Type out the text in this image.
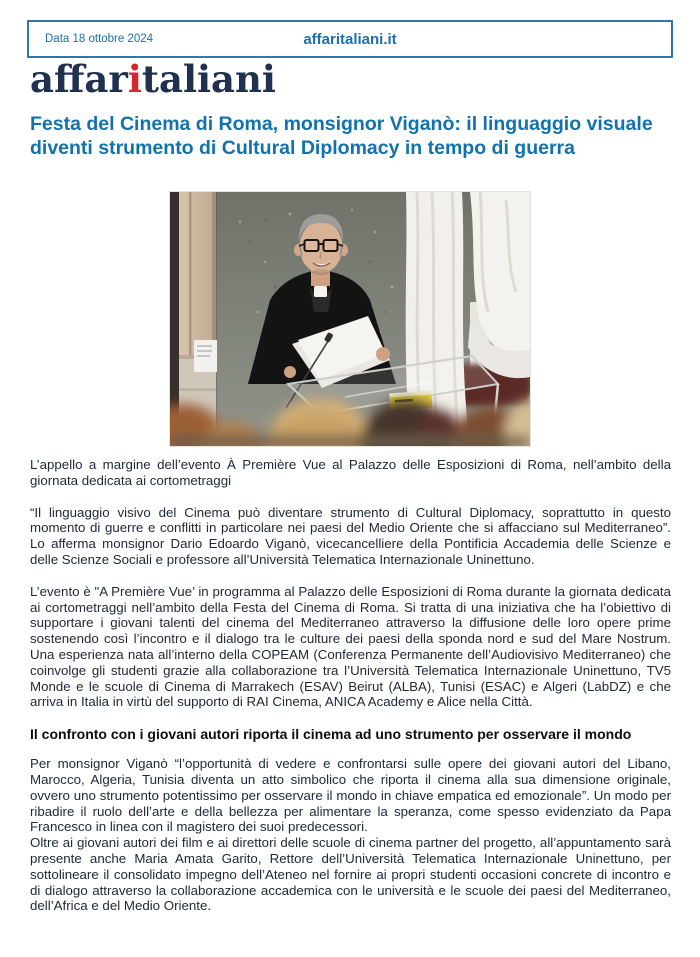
Data 18 ottobre 2024	affaritaliani.it
affaritaliani
Festa del Cinema di Roma, monsignor Viganò: il linguaggio visuale diventi strumento di Cultural Diplomacy in tempo di guerra

L’appello a margine dell’evento À Première Vue al Palazzo delle Esposizioni di Roma, nell’ambito della giornata dedicata ai cortometraggi

“Il linguaggio visivo del Cinema può diventare strumento di Cultural Diplomacy, soprattutto in questo momento di guerre e conflitti in particolare nei paesi del Medio Oriente che si affacciano sul Mediterraneo”. Lo afferma monsignor Dario Edoardo Viganò, vicecancelliere della Pontificia Accademia delle Scienze e delle Scienze Sociali e professore all’Università Telematica Internazionale Uninettuno.

L’evento è "A Première Vue’ in programma al Palazzo delle Esposizioni di Roma durante la giornata dedicata ai cortometraggi nell’ambito della Festa del Cinema di Roma. Si tratta di una iniziativa che ha l’obiettivo di supportare i giovani talenti del cinema del Mediterraneo attraverso la diffusione delle loro opere prime sostenendo così l’incontro e il dialogo tra le culture dei paesi della sponda nord e sud del Mare Nostrum. Una esperienza nata all’interno della COPEAM (Conferenza Permanente dell’Audiovisivo Mediterraneo) che coinvolge gli studenti grazie alla collaborazione tra l’Università Telematica Internazionale Uninettuno, TV5 Monde e le scuole di Cinema di Marrakech (ESAV) Beirut (ALBA), Tunisi (ESAC) e Algeri (LabDZ) e che arriva in Italia in virtù del supporto di RAI Cinema, ANICA Academy e Alice nella Città.

Il confronto con i giovani autori riporta il cinema ad uno strumento per osservare il mondo

Per monsignor Viganò “l’opportunità di vedere e confrontarsi sulle opere dei giovani autori del Libano, Marocco, Algeria, Tunisia diventa un atto simbolico che riporta il cinema alla sua dimensione originale, ovvero uno strumento potentissimo per osservare il mondo in chiave empatica ed emozionale”. Un modo per ribadire il ruolo dell’arte e della bellezza per alimentare la speranza, come spesso evidenziato da Papa Francesco in linea con il magistero dei suoi predecessori.

Oltre ai giovani autori dei film e ai direttori delle scuole di cinema partner del progetto, all’appuntamento sarà presente anche Maria Amata Garito, Rettore dell’Università Telematica Internazionale Uninettuno, per sottolineare il consolidato impegno dell’Ateneo nel fornire ai propri studenti occasioni concrete di incontro e di dialogo attraverso la collaborazione accademica con le università e le scuole dei paesi del Mediterraneo, dell’Africa e del Medio Oriente.
